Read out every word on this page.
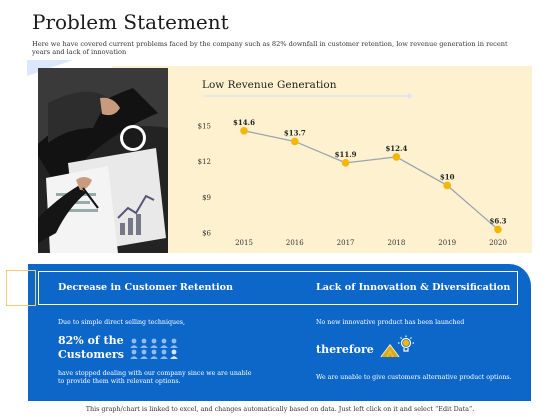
Problem Statement
Here we have covered current problems faced by the company such as 82% downfall in customer retention, low revenue generation in recent years and lack of innovation
Low Revenue Generation
$15
$12
$9
$6
2015	2016	2017	2018	2019	2020
$14.6
$13.7
$11.9
$12.4
$10
$6.3
Decrease in Customer Retention	Lack of Innovation & Diversification
Due to simple direct selling techniques,
82% of the
Customers
have stopped dealing with our company since we are unable to provide them with relevant options.
No new innovative product has been launched
therefore
We are unable to give customers alternative product options.
This graph/chart is linked to excel, and changes automatically based on data. Just left click on it and select “Edit Data”.
